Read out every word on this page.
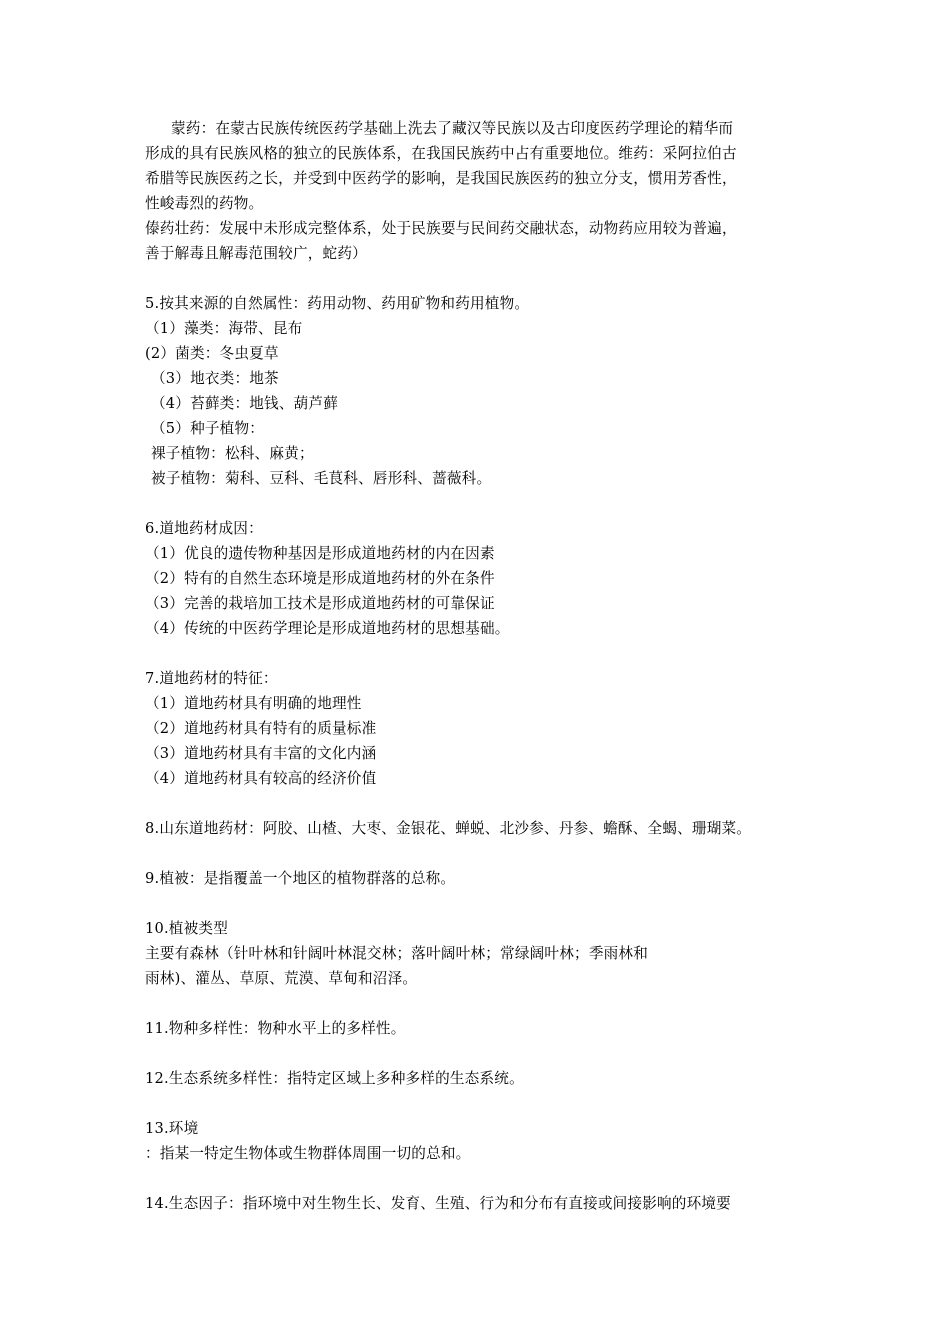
蒙药：在蒙古民族传统医药学基础上洗去了藏汉等民族以及古印度医药学理论的精华而
形成的具有民族风格的独立的民族体系，在我国民族药中占有重要地位。维药：采阿拉伯古
希腊等民族医药之长，并受到中医药学的影响，是我国民族医药的独立分支，惯用芳香性，
性峻毒烈的药物。
傣药壮药：发展中未形成完整体系，处于民族要与民间药交融状态，动物药应用较为普遍，
善于解毒且解毒范围较广，蛇药）
5.按其来源的自然属性：药用动物、药用矿物和药用植物。
（1）藻类：海带、昆布
(2）菌类：冬虫夏草
（3）地衣类：地茶
（4）苔藓类：地钱、葫芦藓
（5）种子植物：
裸子植物：松科、麻黄；
被子植物：菊科、豆科、毛茛科、唇形科、蔷薇科。
6.道地药材成因：
（1）优良的遗传物种基因是形成道地药材的内在因素
（2）特有的自然生态环境是形成道地药材的外在条件
（3）完善的栽培加工技术是形成道地药材的可靠保证
（4）传统的中医药学理论是形成道地药材的思想基础。
7.道地药材的特征：
（1）道地药材具有明确的地理性
（2）道地药材具有特有的质量标准
（3）道地药材具有丰富的文化内涵
（4）道地药材具有较高的经济价值
8.山东道地药材：阿胶、山楂、大枣、金银花、蝉蜕、北沙参、丹参、蟾酥、全蝎、珊瑚菜。
9.植被：是指覆盖一个地区的植物群落的总称。
10.植被类型
主要有森林（针叶林和针阔叶林混交林；落叶阔叶林；常绿阔叶林；季雨林和
雨林)、灌丛、草原、荒漠、草甸和沼泽。
11.物种多样性：物种水平上的多样性。
12.生态系统多样性：指特定区域上多种多样的生态系统。
13.环境
：指某一特定生物体或生物群体周围一切的总和。
14.生态因子：指环境中对生物生长、发育、生殖、行为和分布有直接或间接影响的环境要
